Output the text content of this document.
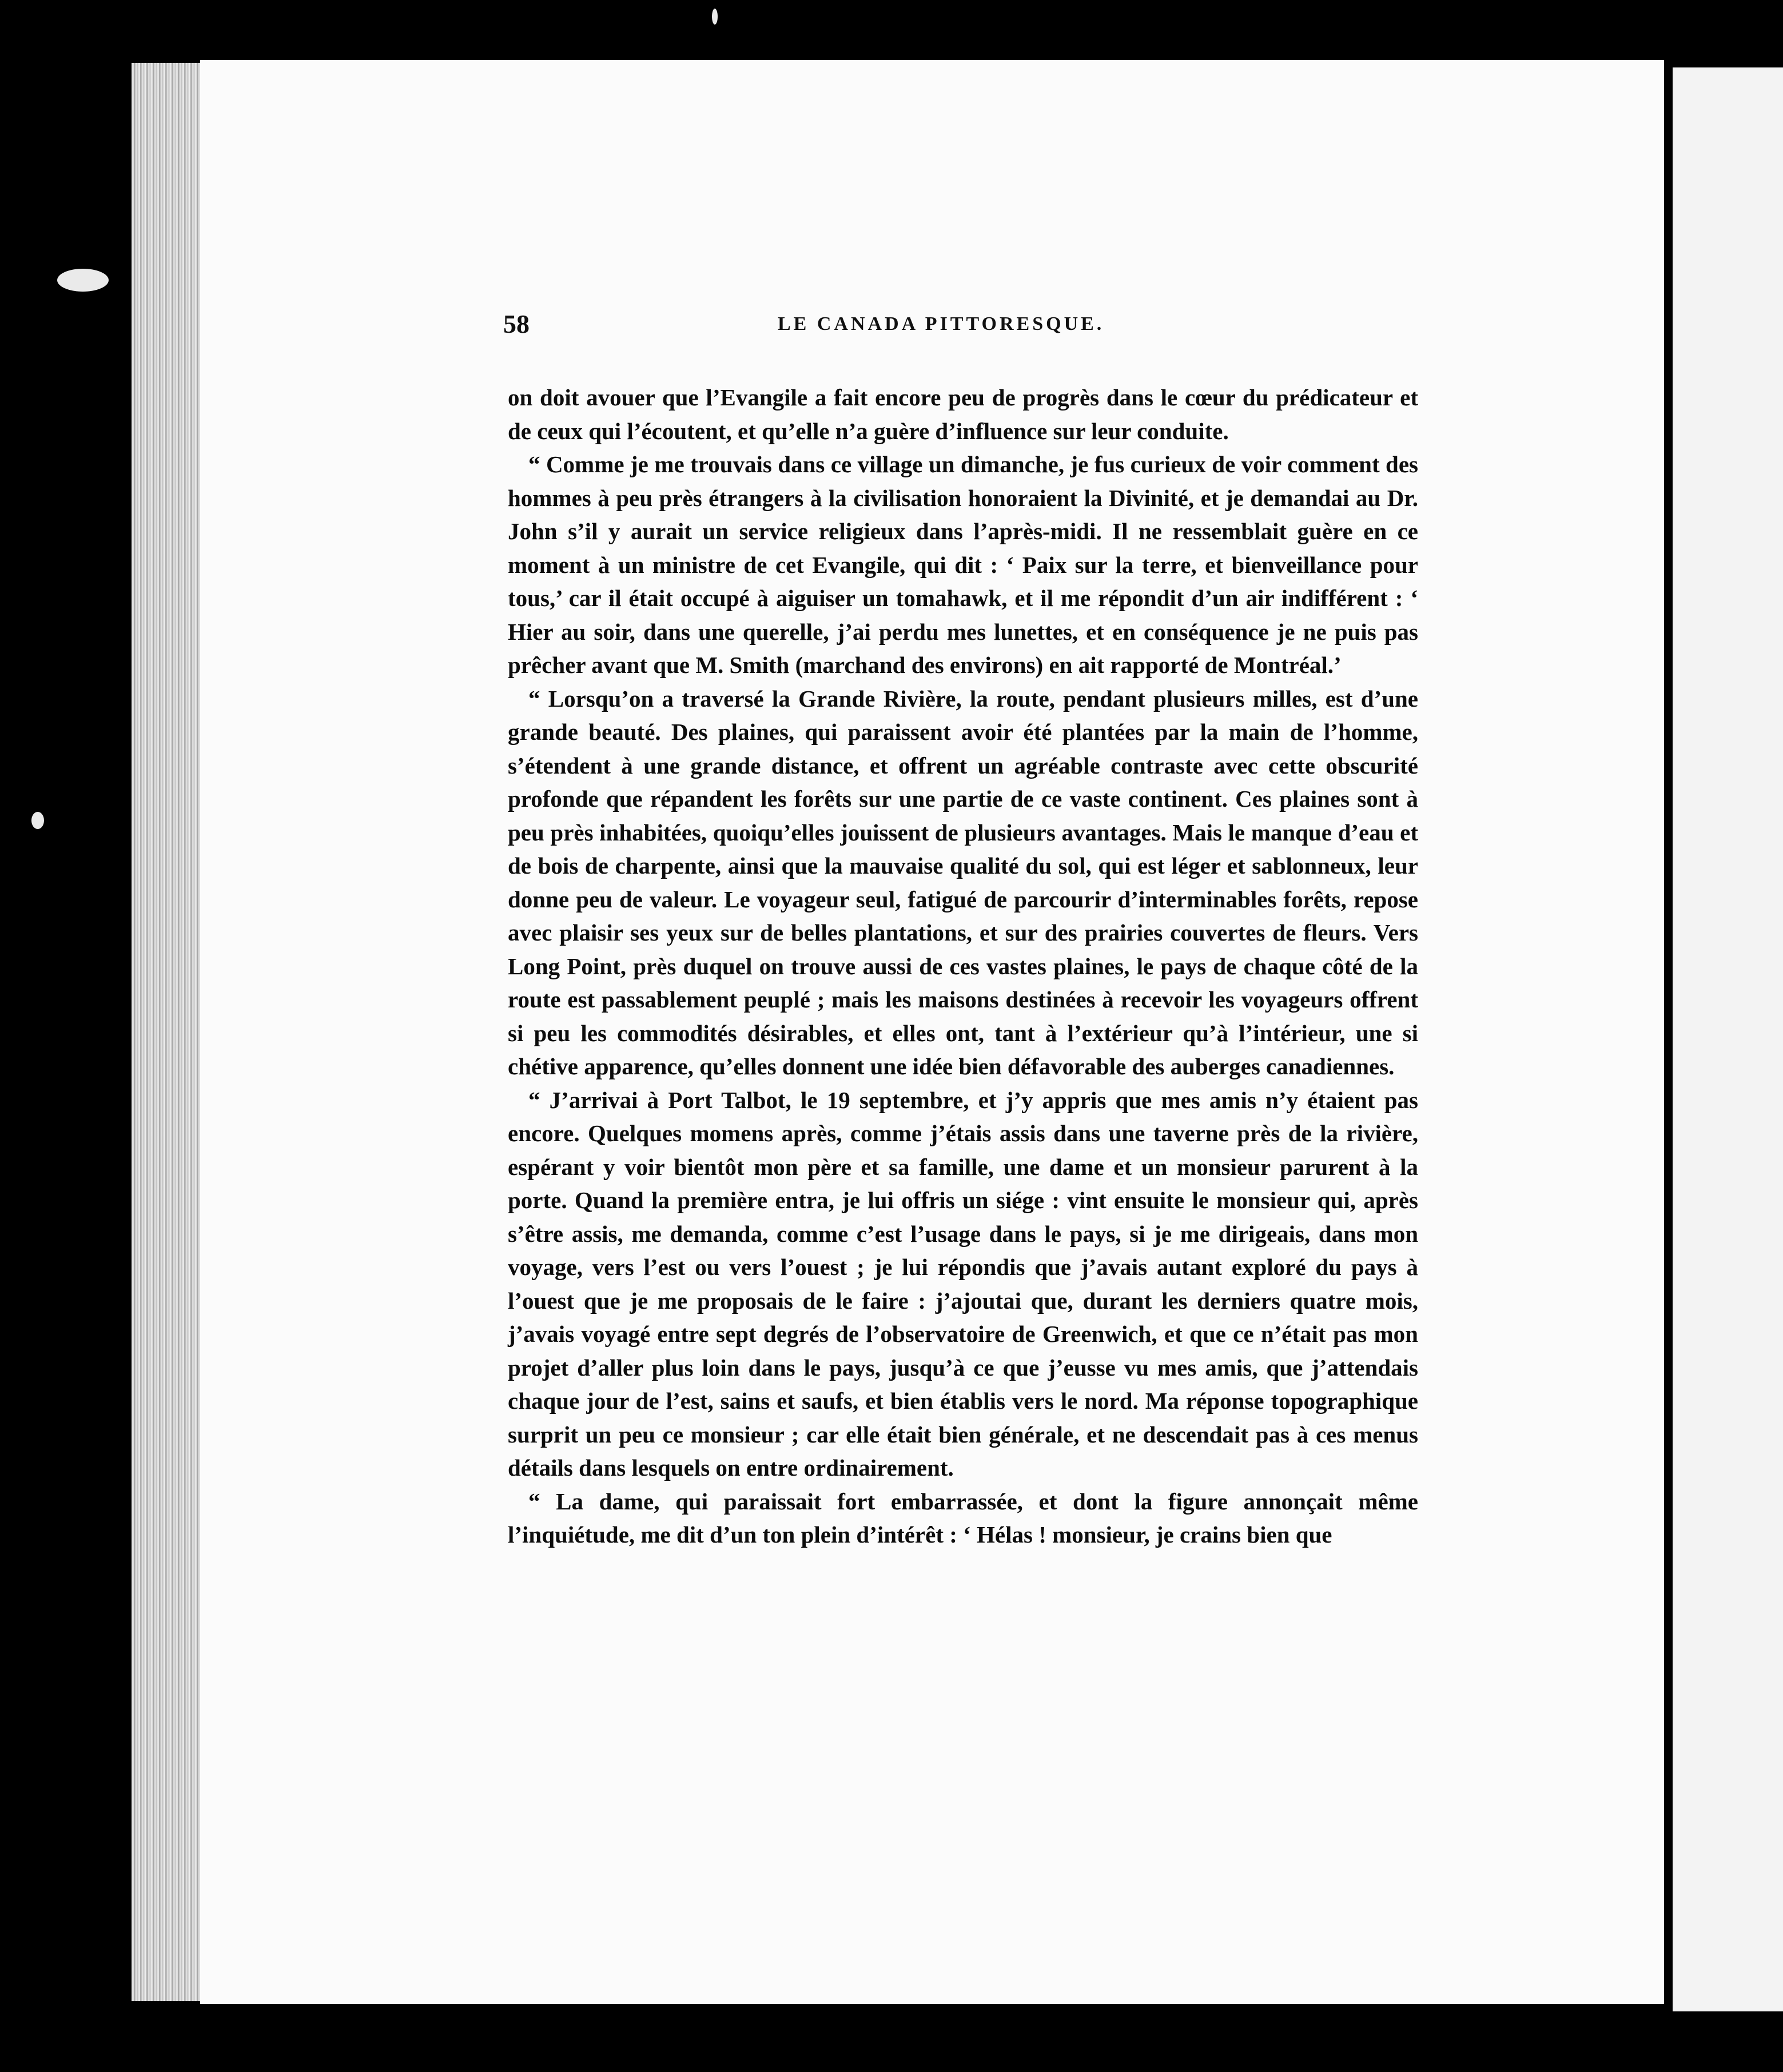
58	LE CANADA PITTORESQUE.

on doit avouer que l’Evangile a fait encore peu de progrès dans le cœur du prédicateur et de ceux qui l’écoutent, et qu’elle n’a guère d’influence sur leur conduite.

“ Comme je me trouvais dans ce village un dimanche, je fus curieux de voir comment des hommes à peu près étrangers à la civilisation honoraient la Divinité, et je demandai au Dr. John s’il y aurait un service religieux dans l’après-midi. Il ne ressemblait guère en ce moment à un ministre de cet Evangile, qui dit : ‘ Paix sur la terre, et bienveillance pour tous,’ car il était occupé à aiguiser un tomahawk, et il me répondit d’un air indifférent : ‘ Hier au soir, dans une querelle, j’ai perdu mes lunettes, et en conséquence je ne puis pas prêcher avant que M. Smith (marchand des environs) en ait rapporté de Montréal.’

“ Lorsqu’on a traversé la Grande Rivière, la route, pendant plusieurs milles, est d’une grande beauté. Des plaines, qui paraissent avoir été plantées par la main de l’homme, s’étendent à une grande distance, et offrent un agréable contraste avec cette obscurité profonde que répandent les forêts sur une partie de ce vaste continent. Ces plaines sont à peu près inhabitées, quoiqu’elles jouissent de plusieurs avantages. Mais le manque d’eau et de bois de charpente, ainsi que la mauvaise qualité du sol, qui est léger et sablonneux, leur donne peu de valeur. Le voyageur seul, fatigué de parcourir d’interminables forêts, repose avec plaisir ses yeux sur de belles plantations, et sur des prairies couvertes de fleurs. Vers Long Point, près duquel on trouve aussi de ces vastes plaines, le pays de chaque côté de la route est passablement peuplé ; mais les maisons destinées à recevoir les voyageurs offrent si peu les commodités désirables, et elles ont, tant à l’extérieur qu’à l’intérieur, une si chétive apparence, qu’elles donnent une idée bien défavorable des auberges canadiennes.

“ J’arrivai à Port Talbot, le 19 septembre, et j’y appris que mes amis n’y étaient pas encore. Quelques momens après, comme j’étais assis dans une taverne près de la rivière, espérant y voir bientôt mon père et sa famille, une dame et un monsieur parurent à la porte. Quand la première entra, je lui offris un siége : vint ensuite le monsieur qui, après s’être assis, me demanda, comme c’est l’usage dans le pays, si je me dirigeais, dans mon voyage, vers l’est ou vers l’ouest ; je lui répondis que j’avais autant exploré du pays à l’ouest que je me proposais de le faire : j’ajoutai que, durant les derniers quatre mois, j’avais voyagé entre sept degrés de l’observatoire de Greenwich, et que ce n’était pas mon projet d’aller plus loin dans le pays, jusqu’à ce que j’eusse vu mes amis, que j’attendais chaque jour de l’est, sains et saufs, et bien établis vers le nord. Ma réponse topographique surprit un peu ce monsieur ; car elle était bien générale, et ne descendait pas à ces menus détails dans lesquels on entre ordinairement.

“ La dame, qui paraissait fort embarrassée, et dont la figure annonçait même l’inquiétude, me dit d’un ton plein d’intérêt : ‘ Hélas ! monsieur, je crains bien que
